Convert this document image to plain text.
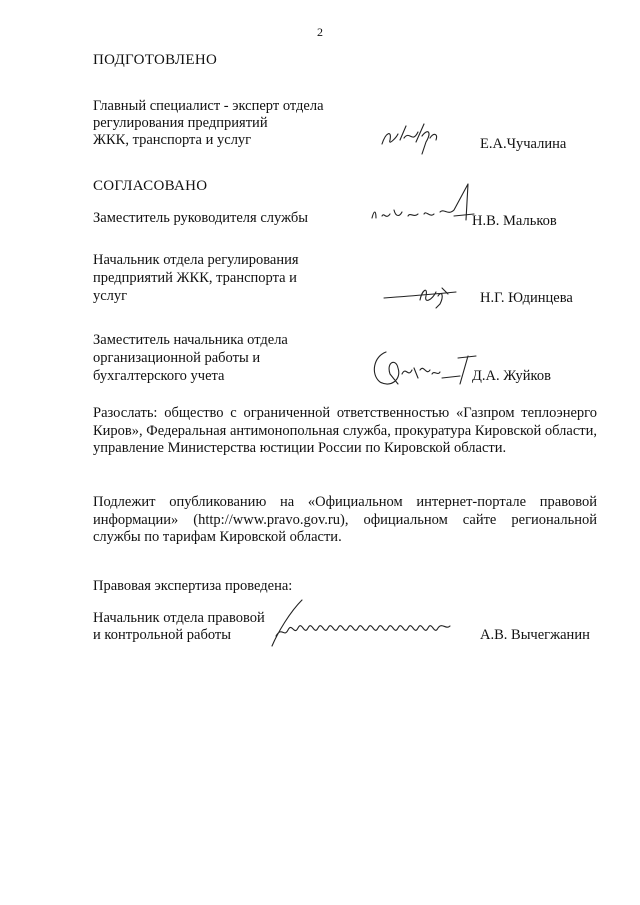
2
ПОДГОТОВЛЕНО
Главный специалист - эксперт отдела
регулирования предприятий
ЖКК, транспорта и услуг	Е.А.Чучалина
СОГЛАСОВАНО
Заместитель руководителя службы	Н.В. Мальков
Начальник отдела регулирования
предприятий ЖКК, транспорта и
услуг	Н.Г. Юдинцева
Заместитель начальника отдела
организационной работы и
бухгалтерского учета	Д.А. Жуйков
Разослать: общество с ограниченной ответственностью «Газпром теплоэнерго Киров», Федеральная антимонопольная служба, прокуратура Кировской области, управление Министерства юстиции России по Кировской области.
Подлежит опубликованию на «Официальном интернет-портале правовой информации» (http://www.pravo.gov.ru), официальном сайте региональной службы по тарифам Кировской области.
Правовая экспертиза проведена:
Начальник отдела правовой
и контрольной работы	А.В. Вычегжанин
